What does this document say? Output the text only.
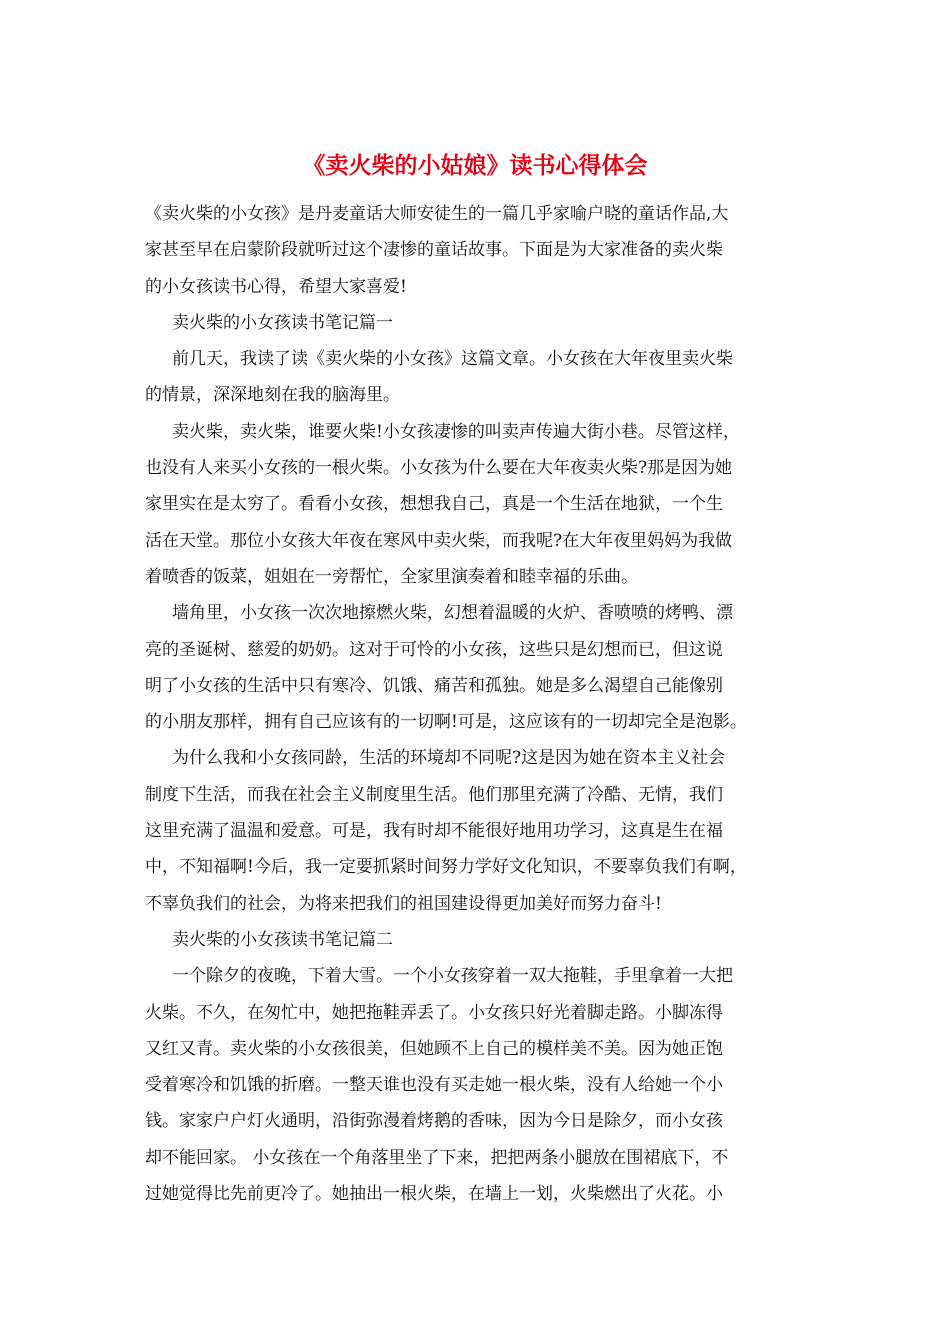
《卖火柴的小姑娘》读书心得体会
《卖火柴的小女孩》是丹麦童话大师安徒生的一篇几乎家喻户晓的童话作品,大
家甚至早在启蒙阶段就听过这个凄惨的童话故事。下面是为大家准备的卖火柴
的小女孩读书心得，希望大家喜爱!
卖火柴的小女孩读书笔记篇一
前几天，我读了读《卖火柴的小女孩》这篇文章。小女孩在大年夜里卖火柴
的情景，深深地刻在我的脑海里。
卖火柴，卖火柴，谁要火柴!小女孩凄惨的叫卖声传遍大街小巷。尽管这样，
也没有人来买小女孩的一根火柴。小女孩为什么要在大年夜卖火柴?那是因为她
家里实在是太穷了。看看小女孩，想想我自己，真是一个生活在地狱，一个生
活在天堂。那位小女孩大年夜在寒风中卖火柴，而我呢?在大年夜里妈妈为我做
着喷香的饭菜，姐姐在一旁帮忙，全家里演奏着和睦幸福的乐曲。
墙角里，小女孩一次次地擦燃火柴，幻想着温暖的火炉、香喷喷的烤鸭、漂
亮的圣诞树、慈爱的奶奶。这对于可怜的小女孩，这些只是幻想而已，但这说
明了小女孩的生活中只有寒冷、饥饿、痛苦和孤独。她是多么渴望自己能像别
的小朋友那样，拥有自己应该有的一切啊!可是，这应该有的一切却完全是泡影。
为什么我和小女孩同龄，生活的环境却不同呢?这是因为她在资本主义社会
制度下生活，而我在社会主义制度里生活。他们那里充满了冷酷、无情，我们
这里充满了温温和爱意。可是，我有时却不能很好地用功学习，这真是生在福
中，不知福啊!今后，我一定要抓紧时间努力学好文化知识，不要辜负我们有啊，
不辜负我们的社会，为将来把我们的祖国建设得更加美好而努力奋斗!
卖火柴的小女孩读书笔记篇二
一个除夕的夜晚，下着大雪。一个小女孩穿着一双大拖鞋，手里拿着一大把
火柴。不久，在匆忙中，她把拖鞋弄丢了。小女孩只好光着脚走路。小脚冻得
又红又青。卖火柴的小女孩很美，但她顾不上自己的模样美不美。因为她正饱
受着寒冷和饥饿的折磨。一整天谁也没有买走她一根火柴，没有人给她一个小
钱。家家户户灯火通明，沿街弥漫着烤鹅的香味，因为今日是除夕，而小女孩
却不能回家。 小女孩在一个角落里坐了下来，把把两条小腿放在围裙底下，不
过她觉得比先前更冷了。她抽出一根火柴，在墙上一划，火柴燃出了火花。小
